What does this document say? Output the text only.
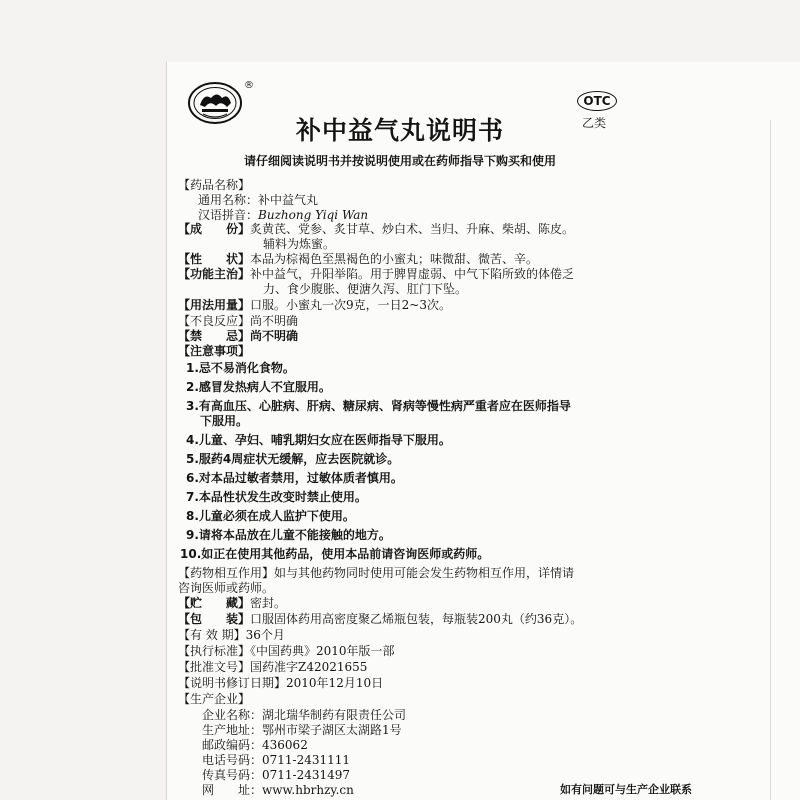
®
OTC
乙类
补中益气丸说明书
请仔细阅读说明书并按说明使用或在药师指导下购买和使用
【药品名称】
通用名称：补中益气丸
汉语拼音：Buzhong Yiqi Wan
【成　　份】炙黄芪、党参、炙甘草、炒白术、当归、升麻、柴胡、陈皮。
辅料为炼蜜。
【性　　状】本品为棕褐色至黑褐色的小蜜丸；味微甜、微苦、辛。
【功能主治】补中益气，升阳举陷。用于脾胃虚弱、中气下陷所致的体倦乏
力、食少腹胀、便溏久泻、肛门下坠。
【用法用量】口服。小蜜丸一次9克，一日2~3次。
【不良反应】尚不明确
【禁　　忌】尚不明确
【注意事项】
1.忌不易消化食物。
2.感冒发热病人不宜服用。
3.有高血压、心脏病、肝病、糖尿病、肾病等慢性病严重者应在医师指导
下服用。
4.儿童、孕妇、哺乳期妇女应在医师指导下服用。
5.服药4周症状无缓解，应去医院就诊。
6.对本品过敏者禁用，过敏体质者慎用。
7.本品性状发生改变时禁止使用。
8.儿童必须在成人监护下使用。
9.请将本品放在儿童不能接触的地方。
10.如正在使用其他药品，使用本品前请咨询医师或药师。
【药物相互作用】如与其他药物同时使用可能会发生药物相互作用，详情请
咨询医师或药师。
【贮　　藏】密封。
【包　　装】口服固体药用高密度聚乙烯瓶包装，每瓶装200丸（约36克）。
【有 效 期】36个月
【执行标准】《中国药典》2010年版一部
【批准文号】国药准字Z42021655
【说明书修订日期】2010年12月10日
【生产企业】
企业名称：湖北瑞华制药有限责任公司
生产地址：鄂州市梁子湖区太湖路1号
邮政编码：436062
电话号码：0711-2431111
传真号码：0711-2431497
网　　址：www.hbrhzy.cn	如有问题可与生产企业联系
